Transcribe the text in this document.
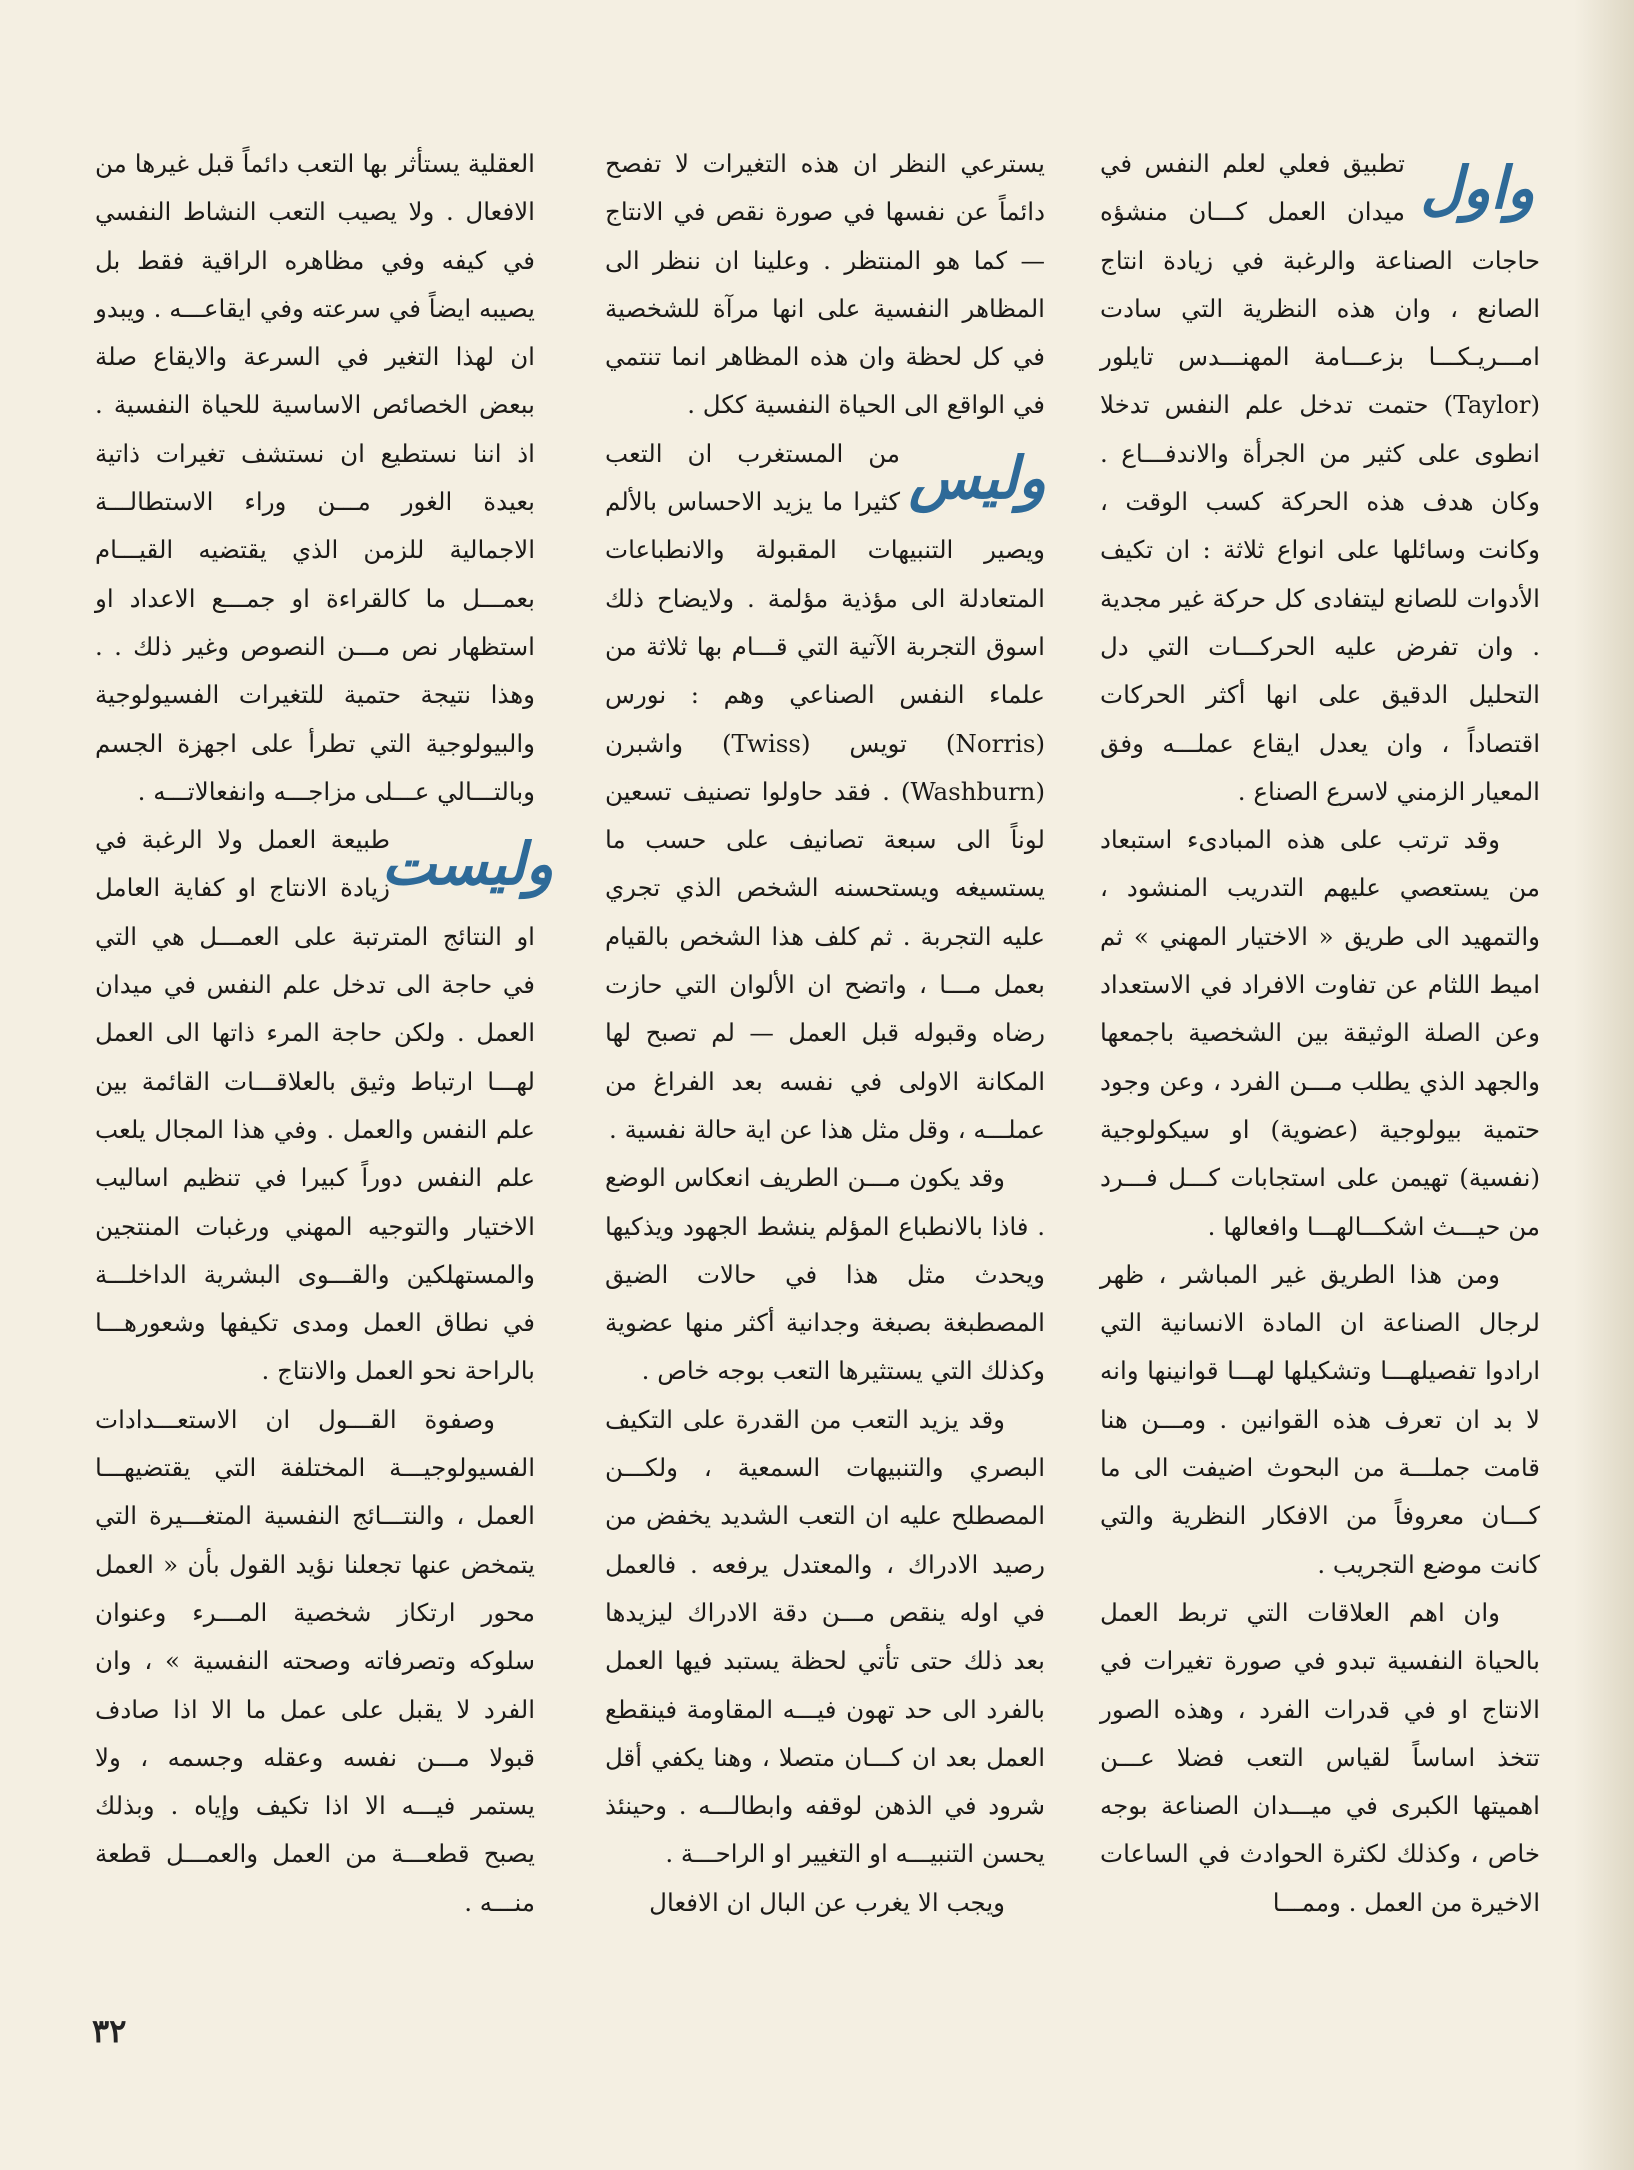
واول

تطبيق فعلي لعلم النفس في ميدان العمل كـــان منشؤه حاجات الصناعة والرغبة في زيادة انتاج الصانع ، وان هذه النظرية التي سادت امـــريـكـــا بزعـــامة المهنـــدس تايلور (Taylor) حتمت تدخل علم النفس تدخلا انطوى على كثير من الجرأة والاندفـــاع . وكان هدف هذه الحركة كسب الوقت ، وكانت وسائلها على انواع ثلاثة : ان تكيف الأدوات للصانع ليتفادى كل حركة غير مجدية . وان تفرض عليه الحركـــات التي دل التحليل الدقيق على انها أكثر الحركات اقتصاداً ، وان يعدل ايقاع عملـــه وفق المعيار الزمني لاسرع الصناع .

وقد ترتب على هذه المبادىء استبعاد من يستعصي عليهم التدريب المنشود ، والتمهيد الى طريق « الاختيار المهني » ثم اميط اللثام عن تفاوت الافراد في الاستعداد وعن الصلة الوثيقة بين الشخصية باجمعها والجهد الذي يطلب مـــن الفرد ، وعن وجود حتمية بيولوجية (عضوية) او سيكولوجية (نفسية) تهيمن على استجابات كـــل فـــرد من حيـــث اشكـــالهـــا وافعالها .

ومن هذا الطريق غير المباشر ، ظهر لرجال الصناعة ان المادة الانسانية التي ارادوا تفصيلهـــا وتشكيلها لهـــا قوانينها وانه لا بد ان تعرف هذه القوانين . ومـــن هنا قامت جملـــة من البحوث اضيفت الى ما كـــان معروفاً من الافكار النظرية والتي كانت موضع التجريب .

وان اهم العلاقات التي تربط العمل بالحياة النفسية تبدو في صورة تغيرات في الانتاج او في قدرات الفرد ، وهذه الصور تتخذ اساساً لقياس التعب فضلا عـــن اهميتها الكبرى في ميـــدان الصناعة بوجه خاص ، وكذلك لكثرة الحوادث في الساعات الاخيرة من العمل . وممـــا

يسترعي النظر ان هذه التغيرات لا تفصح دائماً عن نفسها في صورة نقص في الانتاج — كما هو المنتظر . وعلينا ان ننظر الى المظاهر النفسية على انها مرآة للشخصية في كل لحظة وان هذه المظاهر انما تنتمي في الواقع الى الحياة النفسية ككل .

وليس

من المستغرب ان التعب كثيرا ما يزيد الاحساس بالألم ويصير التنبيهات المقبولة والانطباعات المتعادلة الى مؤذية مؤلمة . ولايضاح ذلك اسوق التجربة الآتية التي قـــام بها ثلاثة من علماء النفس الصناعي وهم : نورس (Norris) تويس (Twiss) واشبرن (Washburn) . فقد حاولوا تصنيف تسعين لوناً الى سبعة تصانيف على حسب ما يستسيغه ويستحسنه الشخص الذي تجري عليه التجربة . ثم كلف هذا الشخص بالقيام بعمل مـــا ، واتضح ان الألوان التي حازت رضاه وقبوله قبل العمل — لم تصبح لها المكانة الاولى في نفسه بعد الفراغ من عملـــه ، وقل مثل هذا عن اية حالة نفسية .

وقد يكون مـــن الطريف انعكاس الوضع . فاذا بالانطباع المؤلم ينشط الجهود ويذكيها ويحدث مثل هذا في حالات الضيق المصطبغة بصبغة وجدانية أكثر منها عضوية وكذلك التي يستثيرها التعب بوجه خاص .

وقد يزيد التعب من القدرة على التكيف البصري والتنبيهات السمعية ، ولكـــن المصطلح عليه ان التعب الشديد يخفض من رصيد الادراك ، والمعتدل يرفعه . فالعمل في اوله ينقص مـــن دقة الادراك ليزيدها بعد ذلك حتى تأتي لحظة يستبد فيها العمل بالفرد الى حد تهون فيـــه المقاومة فينقطع العمل بعد ان كـــان متصلا ، وهنا يكفي أقل شرود في الذهن لوقفه وابطالـــه . وحينئذ يحسن التنبيـــه او التغيير او الراحـــة .

ويجب الا يغرب عن البال ان الافعال

العقلية يستأثر بها التعب دائماً قبل غيرها من الافعال . ولا يصيب التعب النشاط النفسي في كيفه وفي مظاهره الراقية فقط بل يصيبه ايضاً في سرعته وفي ايقاعـــه . ويبدو ان لهذا التغير في السرعة والايقاع صلة ببعض الخصائص الاساسية للحياة النفسية . اذ اننا نستطيع ان نستشف تغيرات ذاتية بعيدة الغور مـــن وراء الاستطالـــة الاجمالية للزمن الذي يقتضيه القيـــام بعمـــل ما كالقراءة او جمـــع الاعداد او استظهار نص مـــن النصوص وغير ذلك . . وهذا نتيجة حتمية للتغيرات الفسيولوجية والبيولوجية التي تطرأ على اجهزة الجسم وبالتـــالي عـــلى مزاجـــه وانفعالاتـــه .

وليست

طبيعة العمل ولا الرغبة في زيادة الانتاج او كفاية العامل او النتائج المترتبة على العمـــل هي التي في حاجة الى تدخل علم النفس في ميدان العمل . ولكن حاجة المرء ذاتها الى العمل لهـــا ارتباط وثيق بالعلاقـــات القائمة بين علم النفس والعمل . وفي هذا المجال يلعب علم النفس دوراً كبيرا في تنظيم اساليب الاختيار والتوجيه المهني ورغبات المنتجين والمستهلكين والقـــوى البشرية الداخلـــة في نطاق العمل ومدى تكيفها وشعورهـــا بالراحة نحو العمل والانتاج .

وصفوة القـــول ان الاستعـــدادات الفسيولوجيـــة المختلفة التي يقتضيهـــا العمل ، والنتـــائج النفسية المتغـــيرة التي يتمخض عنها تجعلنا نؤيد القول بأن « العمل محور ارتكاز شخصية المـــرء وعنوان سلوكه وتصرفاته وصحته النفسية » ، وان الفرد لا يقبل على عمل ما الا اذا صادف قبولا مـــن نفسه وعقله وجسمه ، ولا يستمر فيـــه الا اذا تكيف وإياه . وبذلك يصبح قطعـــة من العمل والعمـــل قطعة منـــه .

٣٢
